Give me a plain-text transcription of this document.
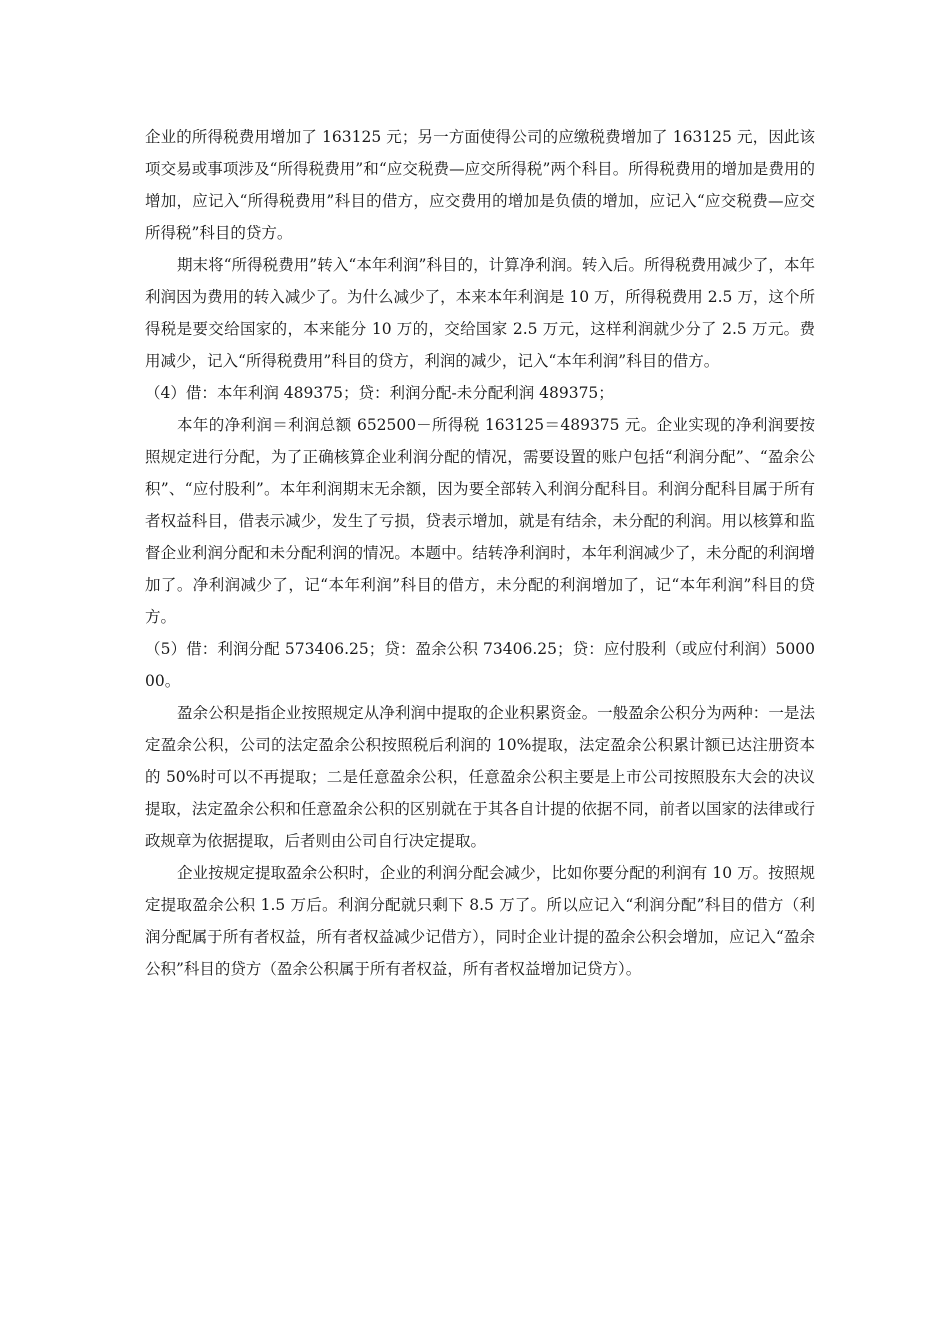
企业的所得税费用增加了 163125 元；另一方面使得公司的应缴税费增加了 163125 元，因此该项交易或事项涉及“所得税费用”和“应交税费—应交所得税”两个科目。所得税费用的增加是费用的增加，应记入“所得税费用”科目的借方，应交费用的增加是负债的增加，应记入“应交税费—应交所得税”科目的贷方。

期末将“所得税费用”转入“本年利润”科目的，计算净利润。转入后。所得税费用减少了，本年利润因为费用的转入减少了。为什么减少了，本来本年利润是 10 万，所得税费用 2.5 万，这个所得税是要交给国家的，本来能分 10 万的，交给国家 2.5 万元，这样利润就少分了 2.5 万元。费用减少，记入“所得税费用”科目的贷方，利润的减少，记入“本年利润”科目的借方。

（4）借：本年利润 489375；贷：利润分配-未分配利润 489375；

本年的净利润＝利润总额 652500－所得税 163125＝489375 元。企业实现的净利润要按照规定进行分配，为了正确核算企业利润分配的情况，需要设置的账户包括“利润分配”、“盈余公积”、“应付股利”。本年利润期末无余额，因为要全部转入利润分配科目。利润分配科目属于所有者权益科目，借表示减少，发生了亏损，贷表示增加，就是有结余，未分配的利润。用以核算和监督企业利润分配和未分配利润的情况。本题中。结转净利润时，本年利润减少了，未分配的利润增加了。净利润减少了，记“本年利润”科目的借方，未分配的利润增加了，记“本年利润”科目的贷方。

（5）借：利润分配 573406.25；贷：盈余公积 73406.25；贷：应付股利（或应付利润）500000。

盈余公积是指企业按照规定从净利润中提取的企业积累资金。一般盈余公积分为两种：一是法定盈余公积，公司的法定盈余公积按照税后利润的 10%提取，法定盈余公积累计额已达注册资本的 50%时可以不再提取；二是任意盈余公积，任意盈余公积主要是上市公司按照股东大会的决议提取，法定盈余公积和任意盈余公积的区别就在于其各自计提的依据不同，前者以国家的法律或行政规章为依据提取，后者则由公司自行决定提取。

企业按规定提取盈余公积时，企业的利润分配会减少，比如你要分配的利润有 10 万。按照规定提取盈余公积 1.5 万后。利润分配就只剩下 8.5 万了。所以应记入“利润分配”科目的借方（利润分配属于所有者权益，所有者权益减少记借方），同时企业计提的盈余公积会增加，应记入“盈余公积”科目的贷方（盈余公积属于所有者权益，所有者权益增加记贷方）。
